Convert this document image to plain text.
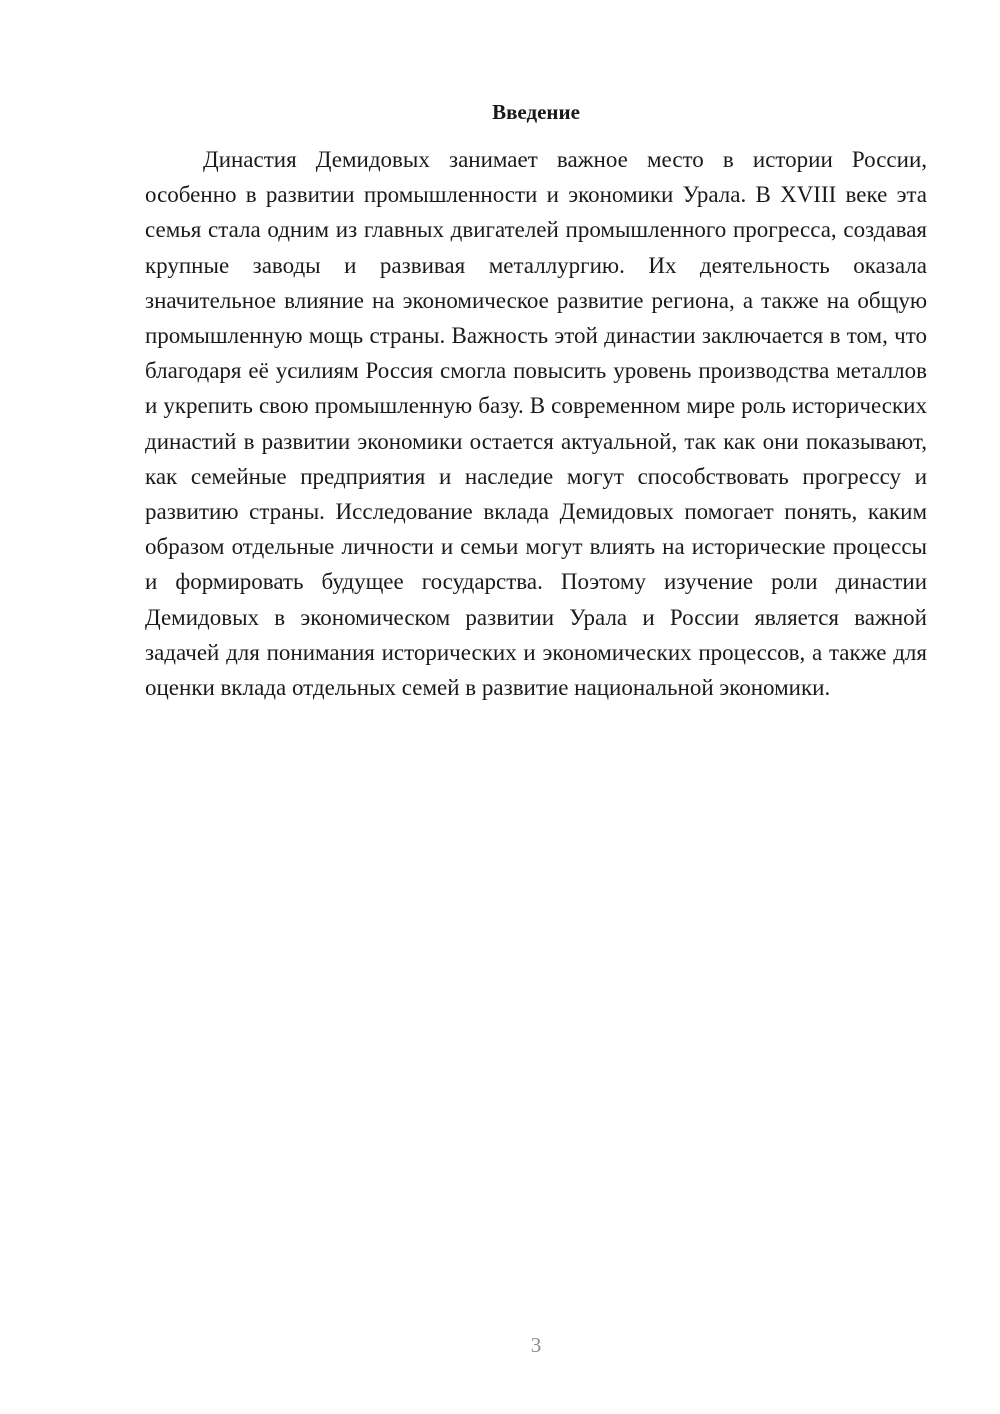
Введение

Династия Демидовых занимает важное место в истории России, особенно в развитии промышленности и экономики Урала. В XVIII веке эта семья стала одним из главных двигателей промышленного прогресса, создавая крупные заводы и развивая металлургию. Их деятельность оказала значительное влияние на экономическое развитие региона, а также на общую промышленную мощь страны. Важность этой династии заключается в том, что благодаря её усилиям Россия смогла повысить уровень производства металлов и укрепить свою промышленную базу. В современном мире роль исторических династий в развитии экономики остается актуальной, так как они показывают, как семейные предприятия и наследие могут способствовать прогрессу и развитию страны. Исследование вклада Демидовых помогает понять, каким образом отдельные личности и семьи могут влиять на исторические процессы и формировать будущее государства. Поэтому изучение роли династии Демидовых в экономическом развитии Урала и России является важной задачей для понимания исторических и экономических процессов, а также для оценки вклада отдельных семей в развитие национальной экономики.

3
